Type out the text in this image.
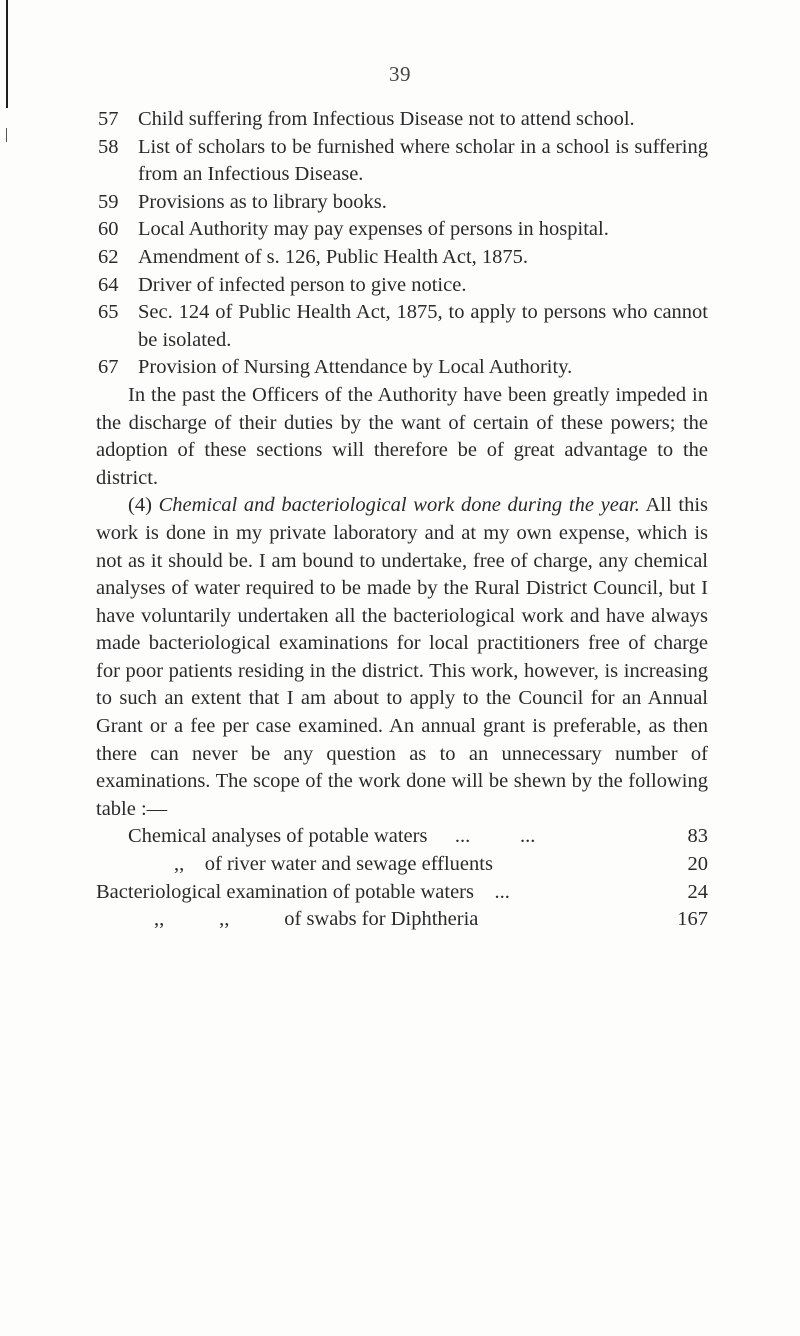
39
57 Child suffering from Infectious Disease not to attend school.
58 List of scholars to be furnished where scholar in a school is suffering from an Infectious Disease.
59 Provisions as to library books.
60 Local Authority may pay expenses of persons in hospital.
62 Amendment of s. 126, Public Health Act, 1875.
64 Driver of infected person to give notice.
65 Sec. 124 of Public Health Act, 1875, to apply to persons who cannot be isolated.
67 Provision of Nursing Attendance by Local Authority.

In the past the Officers of the Authority have been greatly impeded in the discharge of their duties by the want of certain of these powers; the adoption of these sections will therefore be of great advantage to the district.

(4) Chemical and bacteriological work done during the year. All this work is done in my private laboratory and at my own expense, which is not as it should be. I am bound to undertake, free of charge, any chemical analyses of water required to be made by the Rural District Council, but I have voluntarily undertaken all the bacteriological work and have always made bacteriological examinations for local practitioners free of charge for poor patients residing in the district. This work, however, is increasing to such an extent that I am about to apply to the Council for an Annual Grant or a fee per case examined. An annual grant is preferable, as then there can never be any question as to an unnecessary number of examinations. The scope of the work done will be shewn by the following table :—

Chemical analyses of potable waters ... ...	83
,, of river water and sewage effluents	20
Bacteriological examination of potable waters ...	24
,,	,,	of swabs for Diphtheria	167
